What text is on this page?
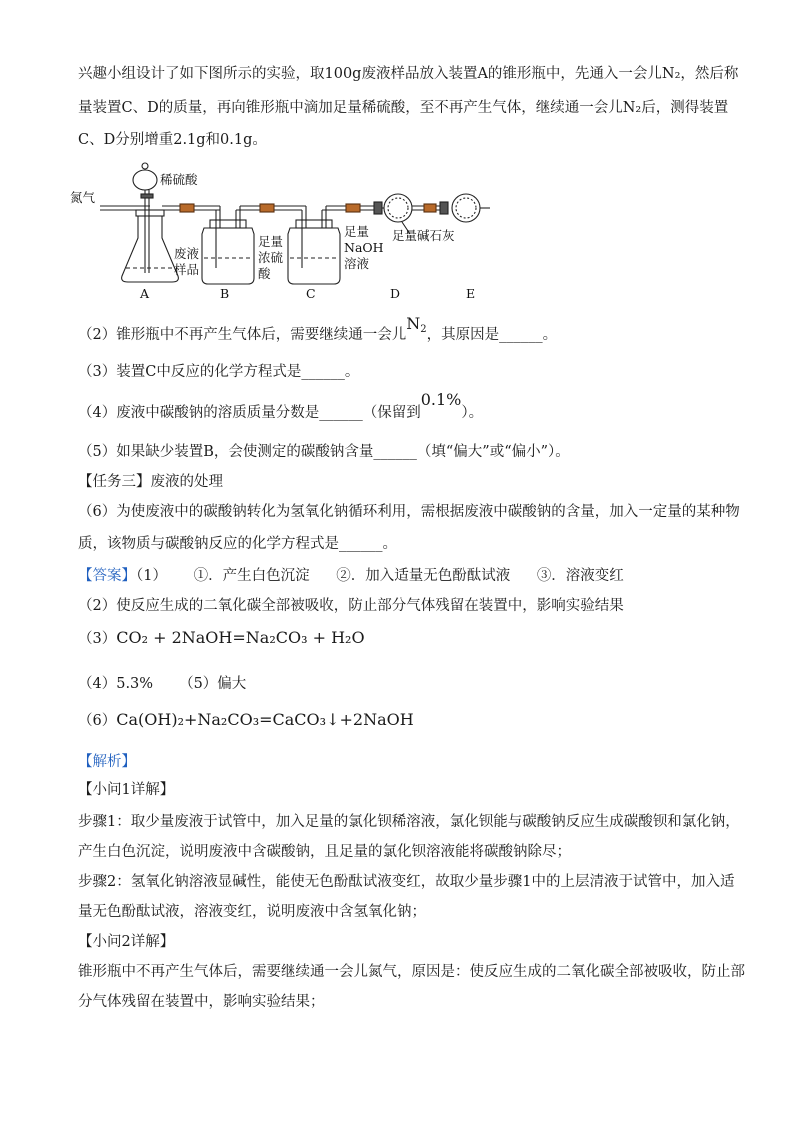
兴趣小组设计了如下图所示的实验，取100g废液样品放入装置A的锥形瓶中，先通入一会儿N₂，然后称
量装置C、D的质量，再向锥形瓶中滴加足量稀硫酸，至不再产生气体，继续通一会儿N₂后，测得装置
C、D分别增重2.1g和0.1g。
氮气
稀硫酸
废液
样品
足量
浓硫
酸
足量
NaOH
溶液
足量碱石灰
A	B	C	D	E
（2）锥形瓶中不再产生气体后，需要继续通一会儿$N_2$，其原因是______。
（3）装置C中反应的化学方程式是______。
（4）废液中碳酸钠的溶质质量分数是______（保留到0.1%）。
（5）如果缺少装置B，会使测定的碳酸钠含量______（填“偏大”或“偏小”）。
【任务三】废液的处理
（6）为使废液中的碳酸钠转化为氢氧化钠循环利用，需根据废液中碳酸钠的含量，加入一定量的某种物
质，该物质与碳酸钠反应的化学方程式是______。
【答案】（1） ①．产生白色沉淀 ②．加入适量无色酚酞试液 ③．溶液变红
（2）使反应生成的二氧化碳全部被吸收，防止部分气体残留在装置中，影响实验结果
（3）CO₂ + 2NaOH=Na₂CO₃ + H₂O
（4）5.3% （5）偏大
（6）Ca(OH)₂+Na₂CO₃=CaCO₃↓+2NaOH
【解析】
【小问1详解】
步骤1：取少量废液于试管中，加入足量的氯化钡稀溶液，氯化钡能与碳酸钠反应生成碳酸钡和氯化钠，
产生白色沉淀，说明废液中含碳酸钠，且足量的氯化钡溶液能将碳酸钠除尽；
步骤2：氢氧化钠溶液显碱性，能使无色酚酞试液变红，故取少量步骤1中的上层清液于试管中，加入适
量无色酚酞试液，溶液变红，说明废液中含氢氧化钠；
【小问2详解】
锥形瓶中不再产生气体后，需要继续通一会儿氮气，原因是：使反应生成的二氧化碳全部被吸收，防止部
分气体残留在装置中，影响实验结果；
